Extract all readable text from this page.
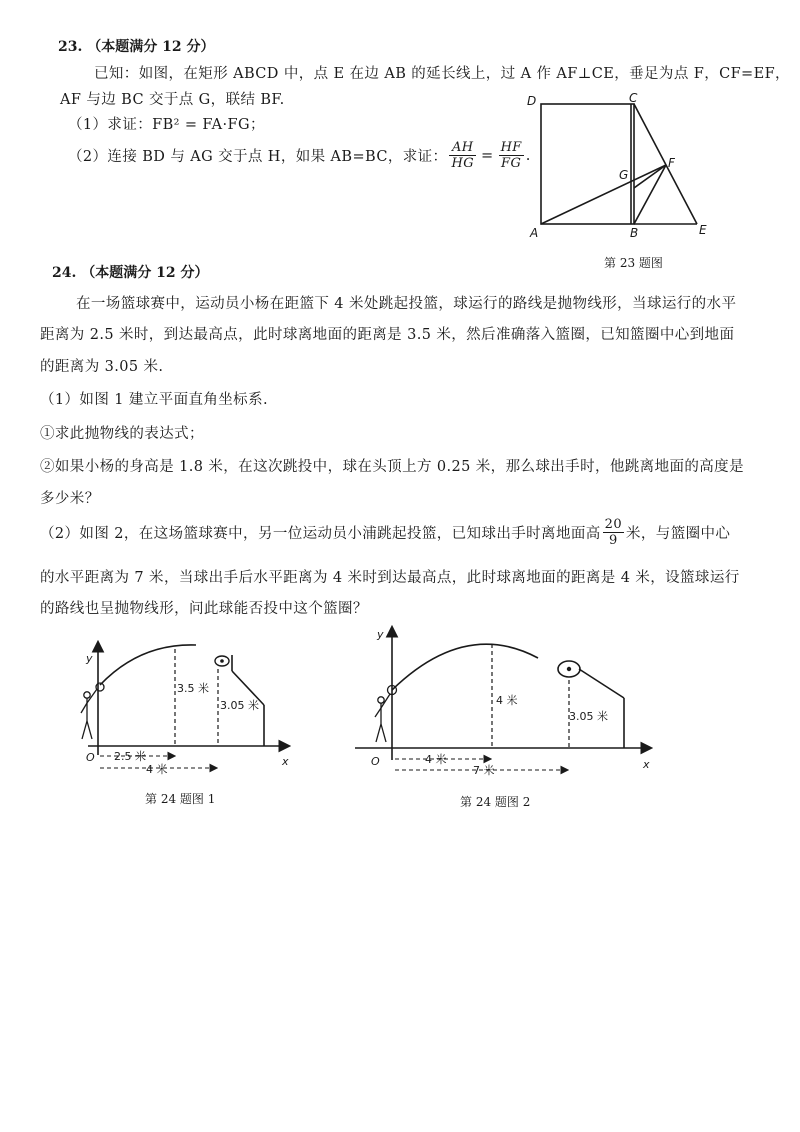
23. （本题满分 12 分）
已知：如图，在矩形 ABCD 中，点 E 在边 AB 的延长线上，过 A 作 AF⊥CE，垂足为点 F，CF=EF，
AF 与边 BC 交于点 G，联结 BF.
（1）求证：FB² = FA·FG；
（2）连接 BD 与 AG 交于点 H，如果 AB=BC，求证： $\frac{AH}{HG} = \frac{HF}{FG}$ .
D	C
G
F
A	B	E
第 23 题图
24. （本题满分 12 分）
在一场篮球赛中，运动员小杨在距篮下 4 米处跳起投篮，球运行的路线是抛物线形，当球运行的水平
距离为 2.5 米时，到达最高点，此时球离地面的距离是 3.5 米，然后准确落入篮圈，已知篮圈中心到地面
的距离为 3.05 米.
（1）如图 1 建立平面直角坐标系.
①求此抛物线的表达式；
②如果小杨的身高是 1.8 米，在这次跳投中，球在头顶上方 0.25 米，那么球出手时，他跳离地面的高度是
多少米？
（2）如图 2，在这场篮球赛中，另一位运动员小浦跳起投篮，已知球出手时离地面高 $\frac{20}{9}$ 米，与篮圈中心
的水平距离为 7 米，当球出手后水平距离为 4 米时到达最高点，此时球离地面的距离是 4 米，设篮球运行
的路线也呈抛物线形，问此球能否投中这个篮圈？
y
x
O
3.5 米
3.05 米
2.5 米
4 米
第 24 题图 1
y
x
O
4 米
3.05 米
4 米
7 米
第 24 题图 2
